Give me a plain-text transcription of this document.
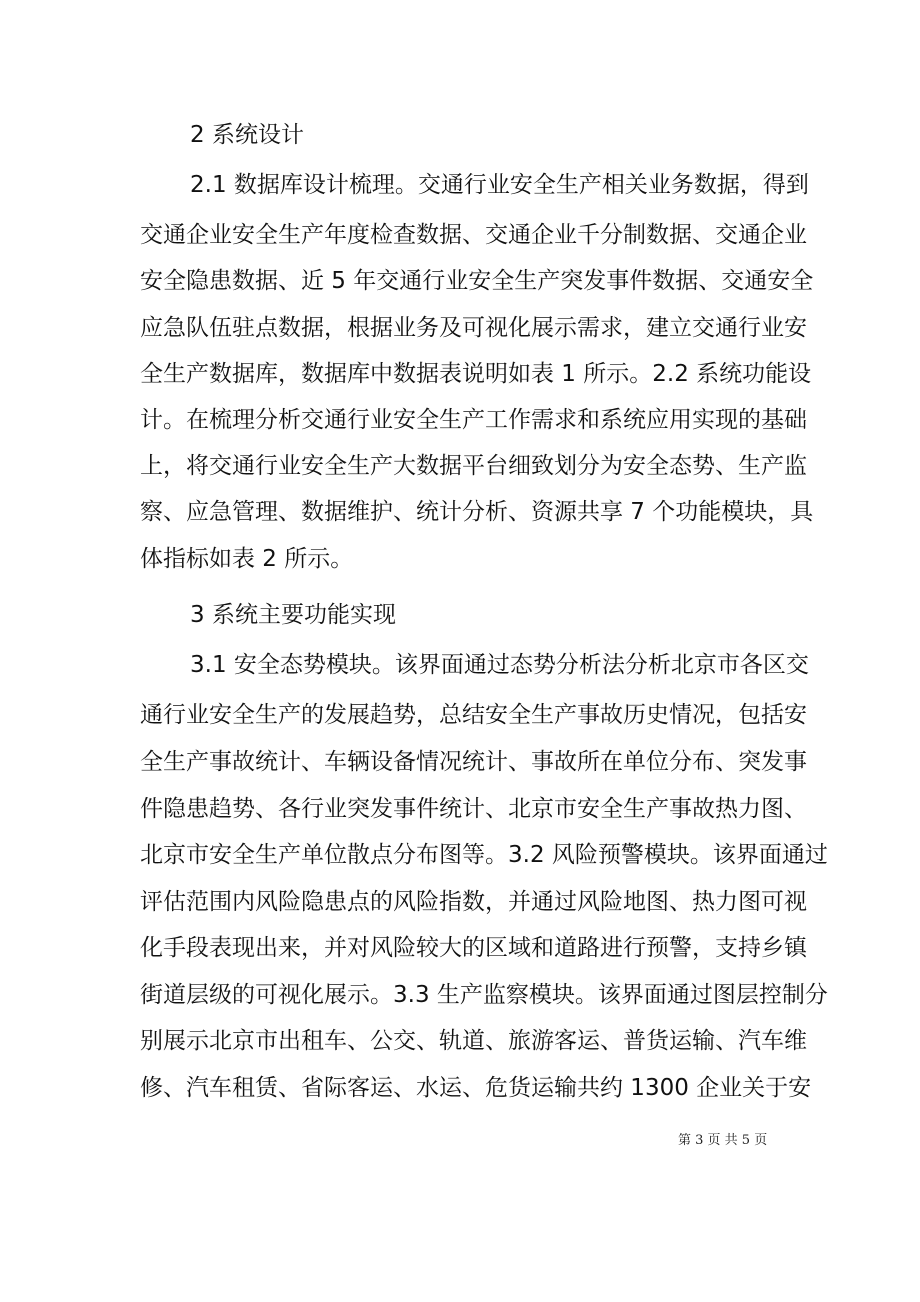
2 系统设计
2.1 数据库设计梳理。交通行业安全生产相关业务数据，得到
交通企业安全生产年度检查数据、交通企业千分制数据、交通企业
安全隐患数据、近 5 年交通行业安全生产突发事件数据、交通安全
应急队伍驻点数据，根据业务及可视化展示需求，建立交通行业安
全生产数据库，数据库中数据表说明如表 1 所示。2.2 系统功能设
计。在梳理分析交通行业安全生产工作需求和系统应用实现的基础
上，将交通行业安全生产大数据平台细致划分为安全态势、生产监
察、应急管理、数据维护、统计分析、资源共享 7 个功能模块，具
体指标如表 2 所示。
3 系统主要功能实现
3.1 安全态势模块。该界面通过态势分析法分析北京市各区交
通行业安全生产的发展趋势，总结安全生产事故历史情况，包括安
全生产事故统计、车辆设备情况统计、事故所在单位分布、突发事
件隐患趋势、各行业突发事件统计、北京市安全生产事故热力图、
北京市安全生产单位散点分布图等。3.2 风险预警模块。该界面通过
评估范围内风险隐患点的风险指数，并通过风险地图、热力图可视
化手段表现出来，并对风险较大的区域和道路进行预警，支持乡镇
街道层级的可视化展示。3.3 生产监察模块。该界面通过图层控制分
别展示北京市出租车、公交、轨道、旅游客运、普货运输、汽车维
修、汽车租赁、省际客运、水运、危货运输共约 1300 企业关于安
第 3 页 共 5 页
